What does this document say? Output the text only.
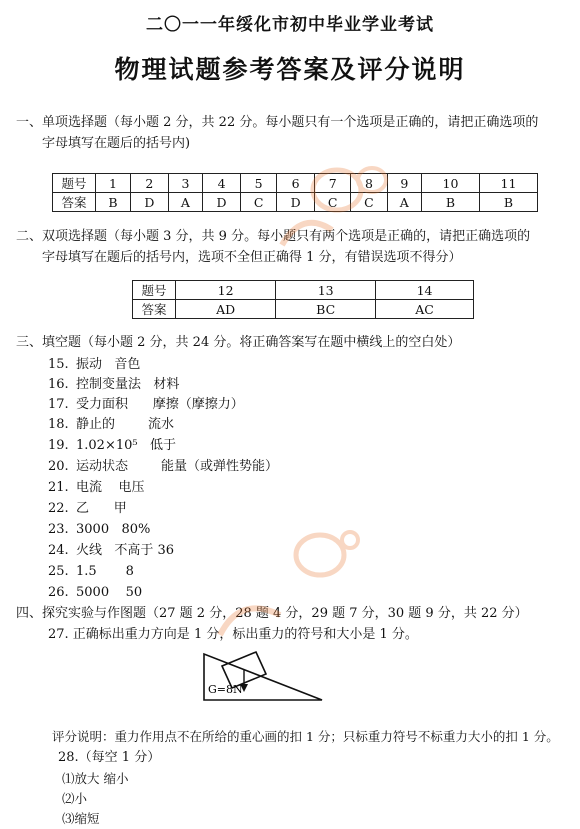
二〇一一年绥化市初中毕业学业考试
物理试题参考答案及评分说明
一、单项选择题（每小题 2 分，共 22 分。每小题只有一个选项是正确的，请把正确选项的
字母填写在题后的括号内)
题号	1	2	3	4	5	6	7	8	9	10	11
答案	B	D	A	D	C	D	C	C	A	B	B
二、双项选择题（每小题 3 分，共 9 分。每小题只有两个选项是正确的，请把正确选项的
字母填写在题后的括号内，选项不全但正确得 1 分，有错误选项不得分）
题号	12	13	14
答案	AD	BC	AC
三、填空题（每小题 2 分，共 24 分。将正确答案写在题中横线上的空白处）
15. 振动   音色
16. 控制变量法   材料
17. 受力面积      摩擦（摩擦力）
18. 静止的        流水
19. 1.02×10⁵   低于
20. 运动状态        能量（或弹性势能）
21. 电流    电压
22. 乙      甲
23. 3000   80%
24. 火线   不高于 36
25. 1.5       8
26. 5000    50
四、探究实验与作图题（27 题 2 分，28 题 4 分，29 题 7 分，30 题 9 分，共 22 分）
27. 正确标出重力方向是 1 分，标出重力的符号和大小是 1 分。
G=8N
评分说明：重力作用点不在所给的重心画的扣 1 分；只标重力符号不标重力大小的扣 1 分。
28.（每空 1 分）
⑴放大 缩小
⑵小
⑶缩短
